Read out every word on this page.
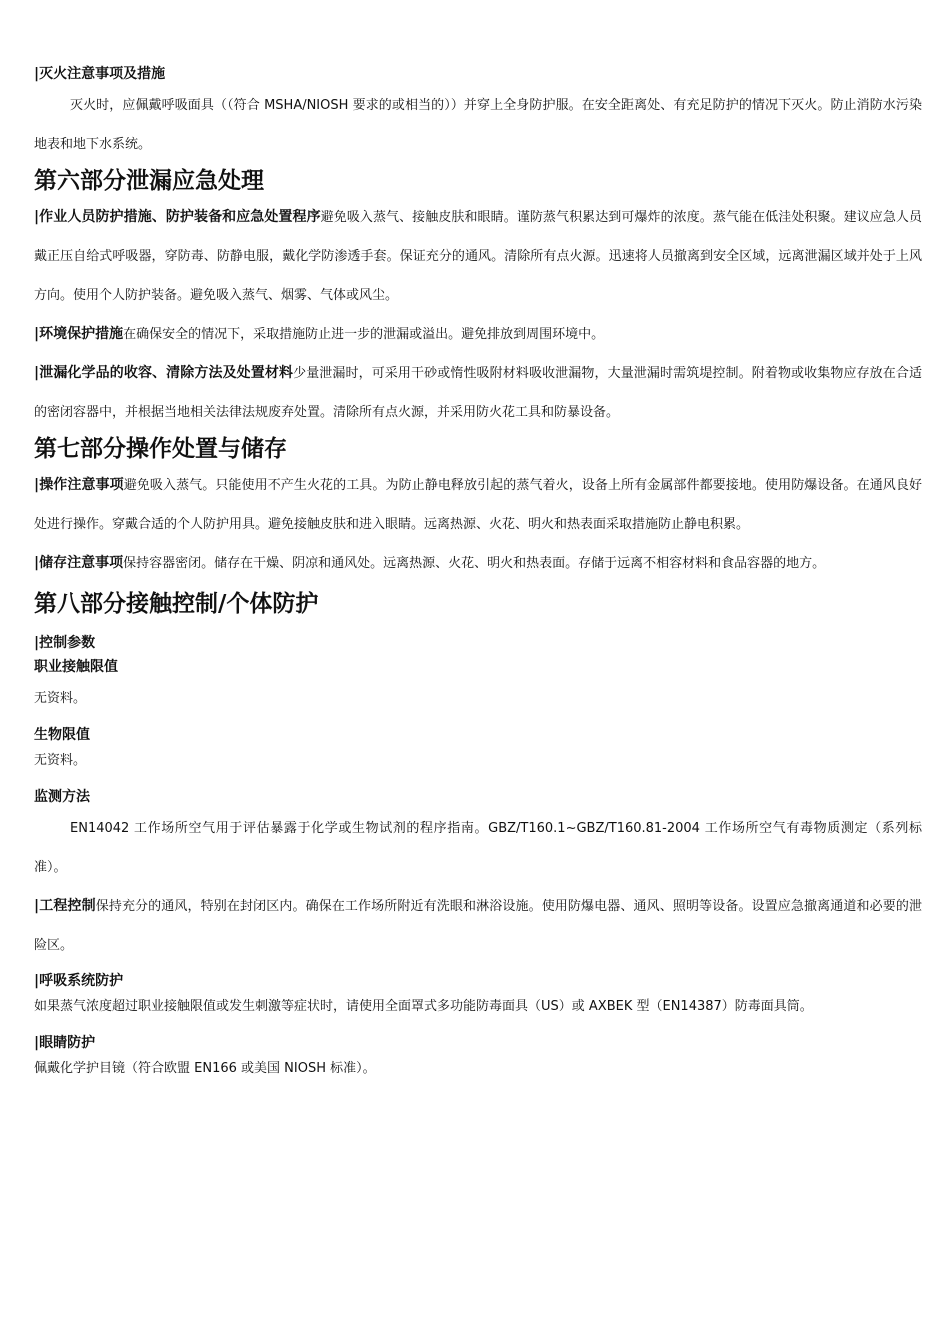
|灭火注意事项及措施

灭火时，应佩戴呼吸面具（（符合 MSHA/NIOSH 要求的或相当的））并穿上全身防护服。在安全距离处、有充足防护的情况下灭火。防止消防水污染地表和地下水系统。

第六部分泄漏应急处理

|作业人员防护措施、防护装备和应急处置程序避免吸入蒸气、接触皮肤和眼睛。谨防蒸气积累达到可爆炸的浓度。蒸气能在低洼处积聚。建议应急人员戴正压自给式呼吸器，穿防毒、防静电服，戴化学防渗透手套。保证充分的通风。清除所有点火源。迅速将人员撤离到安全区域，远离泄漏区域并处于上风方向。使用个人防护装备。避免吸入蒸气、烟雾、气体或风尘。

|环境保护措施在确保安全的情况下，采取措施防止进一步的泄漏或溢出。避免排放到周围环境中。

|泄漏化学品的收容、清除方法及处置材料少量泄漏时，可采用干砂或惰性吸附材料吸收泄漏物，大量泄漏时需筑堤控制。附着物或收集物应存放在合适的密闭容器中，并根据当地相关法律法规废弃处置。清除所有点火源，并采用防火花工具和防暴设备。

第七部分操作处置与储存

|操作注意事项避免吸入蒸气。只能使用不产生火花的工具。为防止静电释放引起的蒸气着火，设备上所有金属部件都要接地。使用防爆设备。在通风良好处进行操作。穿戴合适的个人防护用具。避免接触皮肤和进入眼睛。远离热源、火花、明火和热表面采取措施防止静电积累。

|储存注意事项保持容器密闭。储存在干燥、阴凉和通风处。远离热源、火花、明火和热表面。存储于远离不相容材料和食品容器的地方。

第八部分接触控制/个体防护

|控制参数

职业接触限值

无资料。

生物限值

无资料。

监测方法

EN14042 工作场所空气用于评估暴露于化学或生物试剂的程序指南。GBZ/T160.1~GBZ/T160.81-2004 工作场所空气有毒物质测定（系列标准）。

|工程控制保持充分的通风，特别在封闭区内。确保在工作场所附近有洗眼和淋浴设施。使用防爆电器、通风、照明等设备。设置应急撤离通道和必要的泄险区。

|呼吸系统防护

如果蒸气浓度超过职业接触限值或发生刺激等症状时，请使用全面罩式多功能防毒面具（US）或 AXBEK 型（EN14387）防毒面具筒。

|眼睛防护

佩戴化学护目镜（符合欧盟 EN166 或美国 NIOSH 标准）。
